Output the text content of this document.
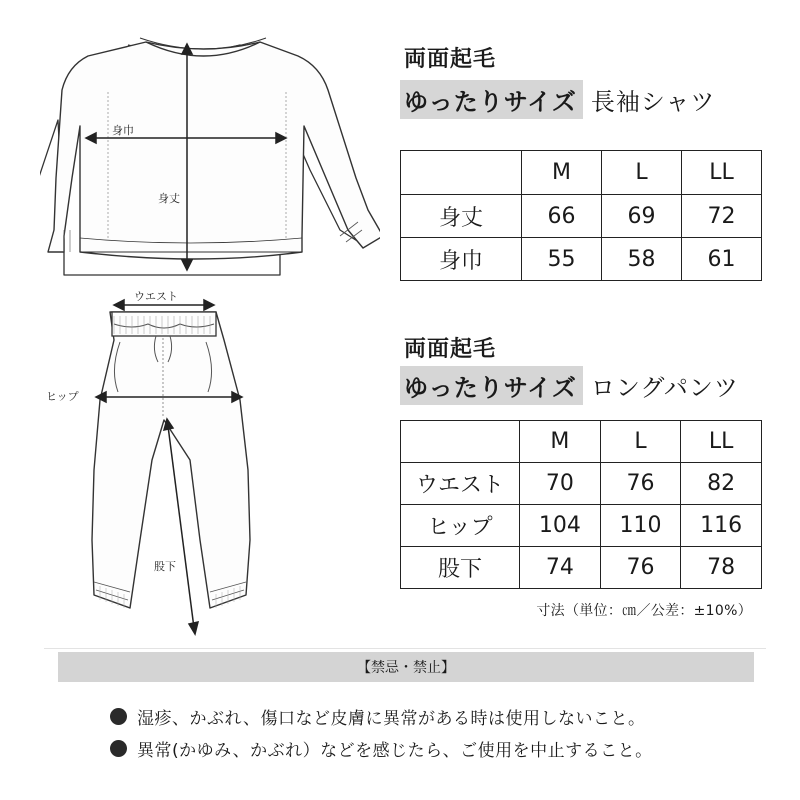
身巾
身丈
ウエスト
ヒップ
股下
両面起毛
ゆったりサイズ 長袖シャツ
	M	L	LL
身丈	66	69	72
身巾	55	58	61
両面起毛
ゆったりサイズ ロングパンツ
	M	L	LL
ウエスト	70	76	82
ヒップ	104	110	116
股下	74	76	78
寸法（単位：㎝／公差：±10%）
【禁忌・禁止】
湿疹、かぶれ、傷口など皮膚に異常がある時は使用しないこと。
異常(かゆみ、かぶれ）などを感じたら、ご使用を中止すること。
